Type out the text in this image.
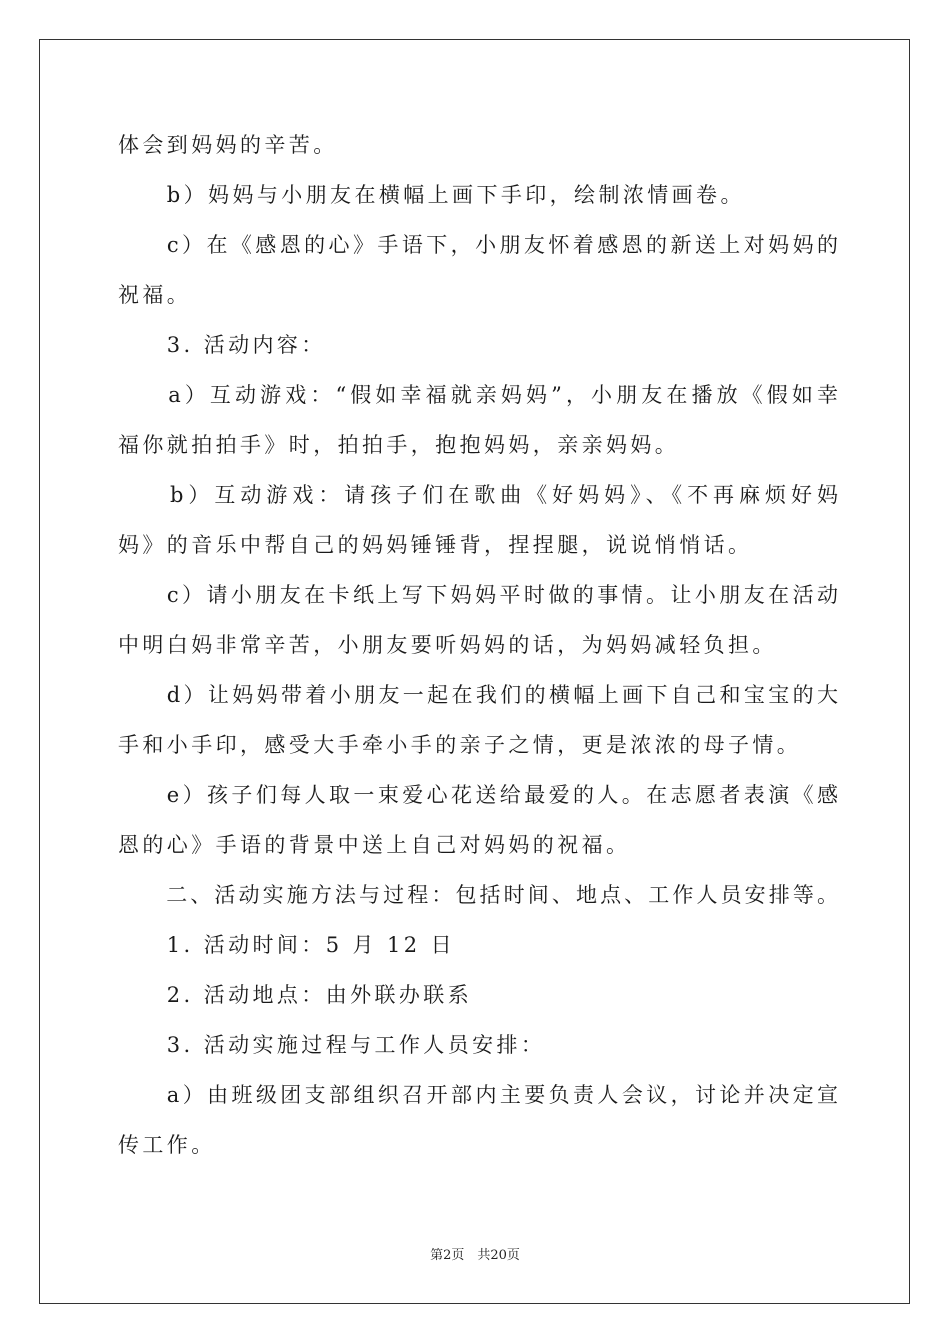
体会到妈妈的辛苦。
　　b）妈妈与小朋友在横幅上画下手印，绘制浓情画卷。
　　c）在《感恩的心》手语下，小朋友怀着感恩的新送上对妈妈的
祝福。
　　3. 活动内容：
　　a）互动游戏：“假如幸福就亲妈妈”，小朋友在播放《假如幸
福你就拍拍手》时，拍拍手，抱抱妈妈，亲亲妈妈。
　　b）互动游戏：请孩子们在歌曲《好妈妈》、《不再麻烦好妈
妈》的音乐中帮自己的妈妈锤锤背，捏捏腿，说说悄悄话。
　　c）请小朋友在卡纸上写下妈妈平时做的事情。让小朋友在活动
中明白妈非常辛苦，小朋友要听妈妈的话，为妈妈减轻负担。
　　d）让妈妈带着小朋友一起在我们的横幅上画下自己和宝宝的大
手和小手印，感受大手牵小手的亲子之情，更是浓浓的母子情。
　　e）孩子们每人取一束爱心花送给最爱的人。在志愿者表演《感
恩的心》手语的背景中送上自己对妈妈的祝福。
　　二、活动实施方法与过程：包括时间、地点、工作人员安排等。
　　1. 活动时间：5 月 12 日
　　2. 活动地点：由外联办联系
　　3. 活动实施过程与工作人员安排：
　　a）由班级团支部组织召开部内主要负责人会议，讨论并决定宣
传工作。
第2页　共20页
